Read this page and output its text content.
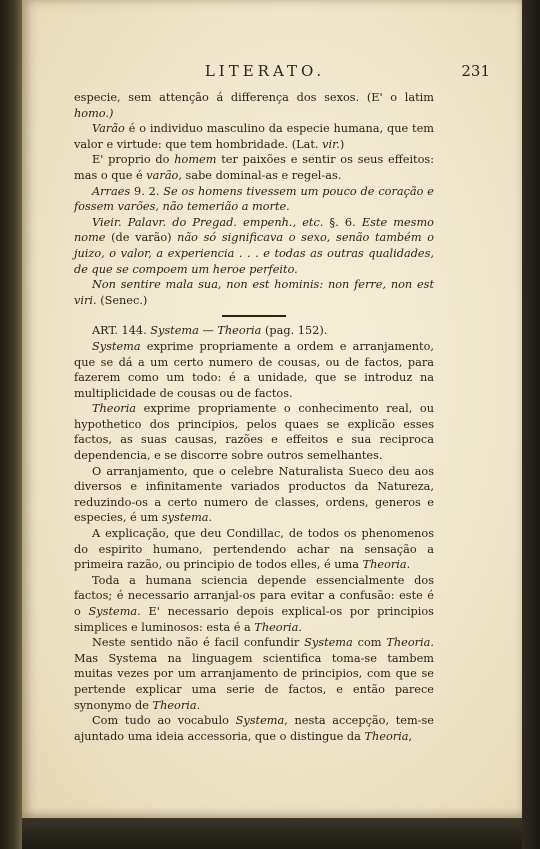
LITERATO.	231

especie, sem attenção á differença dos sexos. (E' o latim homo.)

Varão é o individuo masculino da especie humana, que tem valor e virtude: que tem hombridade. (Lat. vir.)

E' proprio do homem ter paixões e sentir os seus effeitos: mas o que é varão, sabe dominal-as e regel-as.

Arraes 9. 2. Se os homens tivessem um pouco de coração e fossem varões, não temerião a morte.

Vieir. Palavr. do Pregad. empenh., etc. §. 6. Este mesmo nome (de varão) não só significava o sexo, senão também o juizo, o valor, a experiencia . . . e todas as outras qualidades, de que se compoem um heroe perfeito.

Non sentire mala sua, non est hominis: non ferre, non est viri. (Senec.)

ART. 144. Systema — Theoria (pag. 152).

Systema exprime propriamente a ordem e arranjamento, que se dá a um certo numero de cousas, ou de factos, para fazerem como um todo: é a unidade, que se introduz na multiplicidade de cousas ou de factos.

Theoria exprime propriamente o conhecimento real, ou hypothetico dos principios, pelos quaes se explicão esses factos, as suas causas, razões e effeitos e sua reciproca dependencia, e se discorre sobre outros semelhantes.

O arranjamento, que o celebre Naturalista Sueco deu aos diversos e infinitamente variados productos da Natureza, reduzindo-os a certo numero de classes, ordens, generos e especies, é um systema.

A explicação, que deu Condillac, de todos os phenomenos do espirito humano, pertendendo achar na sensação a primeira razão, ou principio de todos elles, é uma Theoria.

Toda a humana sciencia depende essencialmente dos factos; é necessario arranjal-os para evitar a confusão: este é o Systema. E' necessario depois explical-os por principios simplices e luminosos: esta é a Theoria.

Neste sentido não é facil confundir Systema com Theoria. Mas Systema na linguagem scientifica toma-se tambem muitas vezes por um arranjamento de principios, com que se pertende explicar uma serie de factos, e então parece synonymo de Theoria.

Com tudo ao vocabulo Systema, nesta accepção, tem-se ajuntado uma ideia accessoria, que o distingue da Theoria,
